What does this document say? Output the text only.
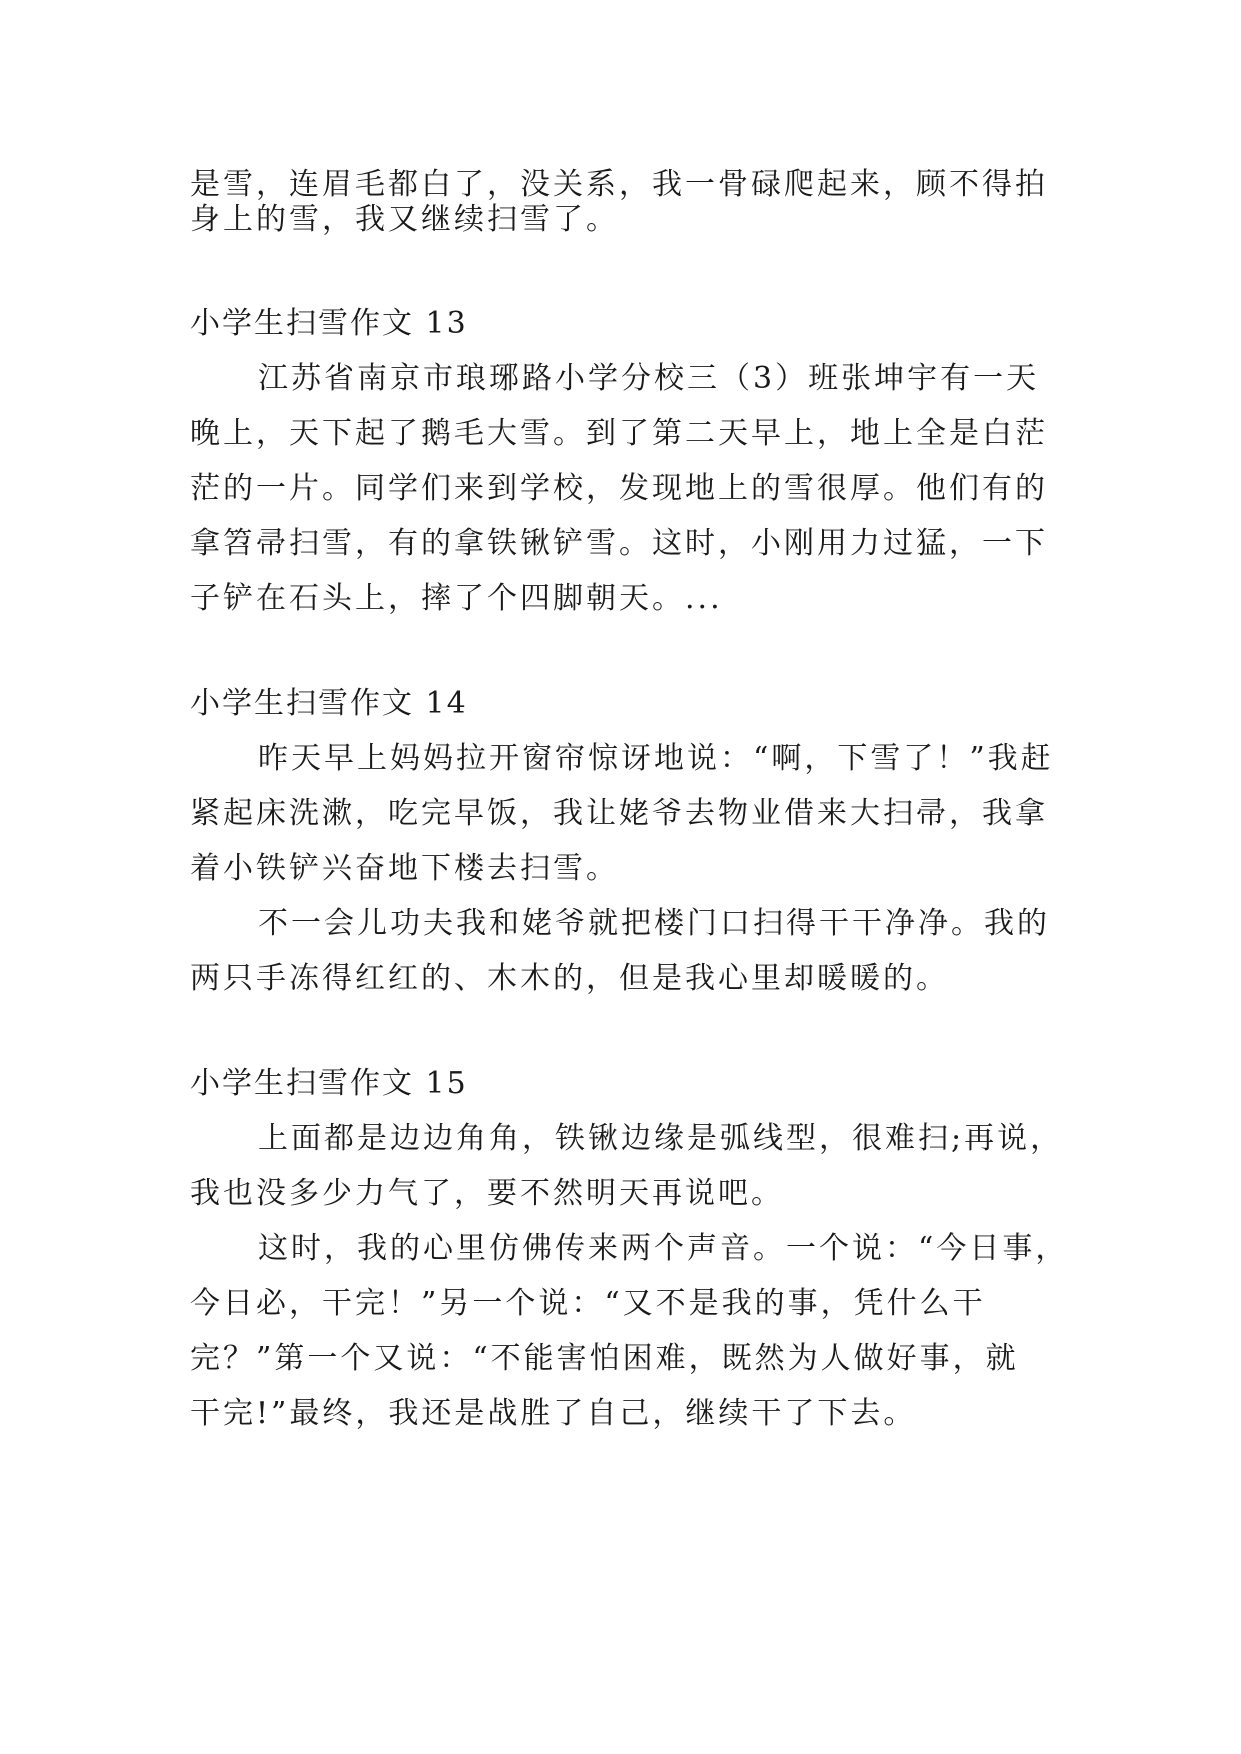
是雪，连眉毛都白了，没关系，我一骨碌爬起来，顾不得拍
身上的雪，我又继续扫雪了。
小学生扫雪作文 13
江苏省南京市琅琊路小学分校三（3）班张坤宇有一天
晚上，天下起了鹅毛大雪。到了第二天早上，地上全是白茫
茫的一片。同学们来到学校，发现地上的雪很厚。他们有的
拿笤帚扫雪，有的拿铁锹铲雪。这时，小刚用力过猛，一下
子铲在石头上，摔了个四脚朝天。...
小学生扫雪作文 14
昨天早上妈妈拉开窗帘惊讶地说：“啊，下雪了！”我赶
紧起床洗漱，吃完早饭，我让姥爷去物业借来大扫帚，我拿
着小铁铲兴奋地下楼去扫雪。
不一会儿功夫我和姥爷就把楼门口扫得干干净净。我的
两只手冻得红红的、木木的，但是我心里却暖暖的。
小学生扫雪作文 15
上面都是边边角角，铁锹边缘是弧线型，很难扫;再说，
我也没多少力气了，要不然明天再说吧。
这时，我的心里仿佛传来两个声音。一个说：“今日事，
今日必，干完！”另一个说：“又不是我的事，凭什么干
完？”第一个又说：“不能害怕困难，既然为人做好事，就
干完!”最终，我还是战胜了自己，继续干了下去。
